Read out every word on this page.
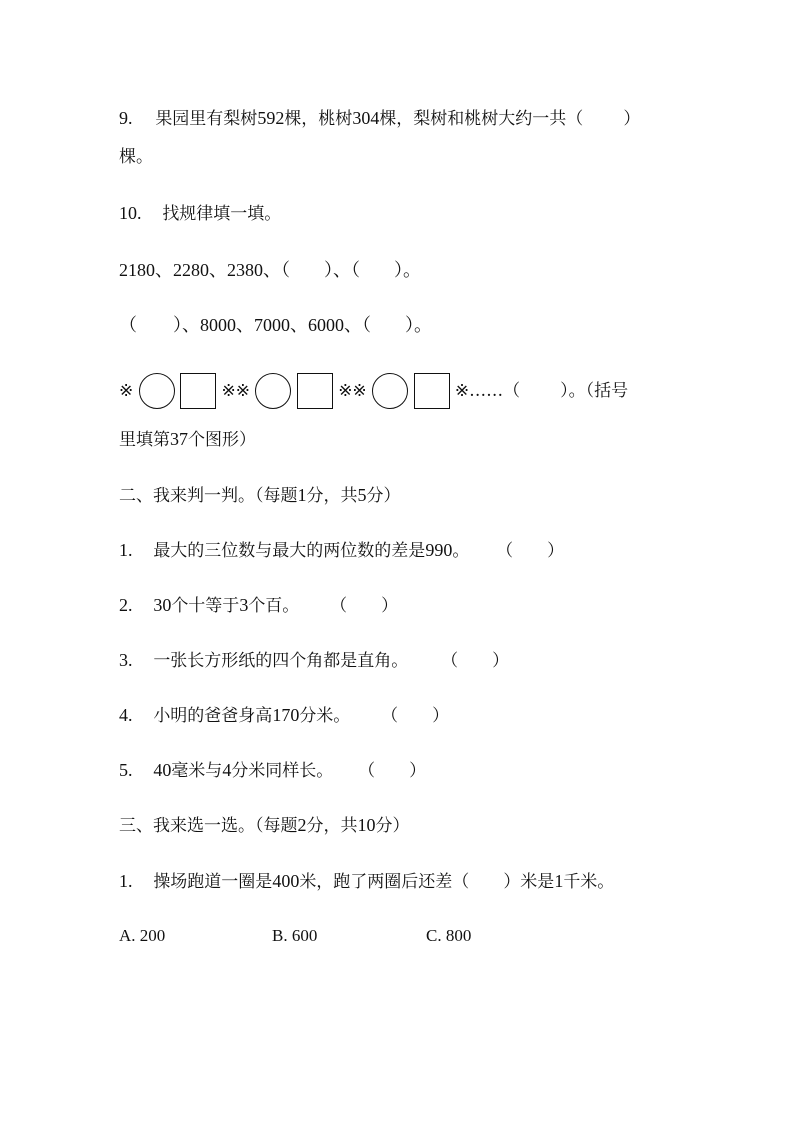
9. 果园里有梨树592棵，桃树304棵，梨树和桃树大约一共（ ）
棵。
10. 找规律填一填。
2180、2280、2380、（ ）、（ ）。
（ ）、8000、7000、6000、（ ）。
※	※※	※※	※……（ ）。（括号
里填第37个图形）
二、我来判一判。（每题1分，共5分）
1. 最大的三位数与最大的两位数的差是990。 （　　）
2. 30个十等于3个百。 （　　）
3. 一张长方形纸的四个角都是直角。 （　　）
4. 小明的爸爸身高170分米。 （　　）
5. 40毫米与4分米同样长。 （　　）
三、我来选一选。（每题2分，共10分）
1. 操场跑道一圈是400米，跑了两圈后还差（ ）米是1千米。
A. 200	B. 600	C. 800
